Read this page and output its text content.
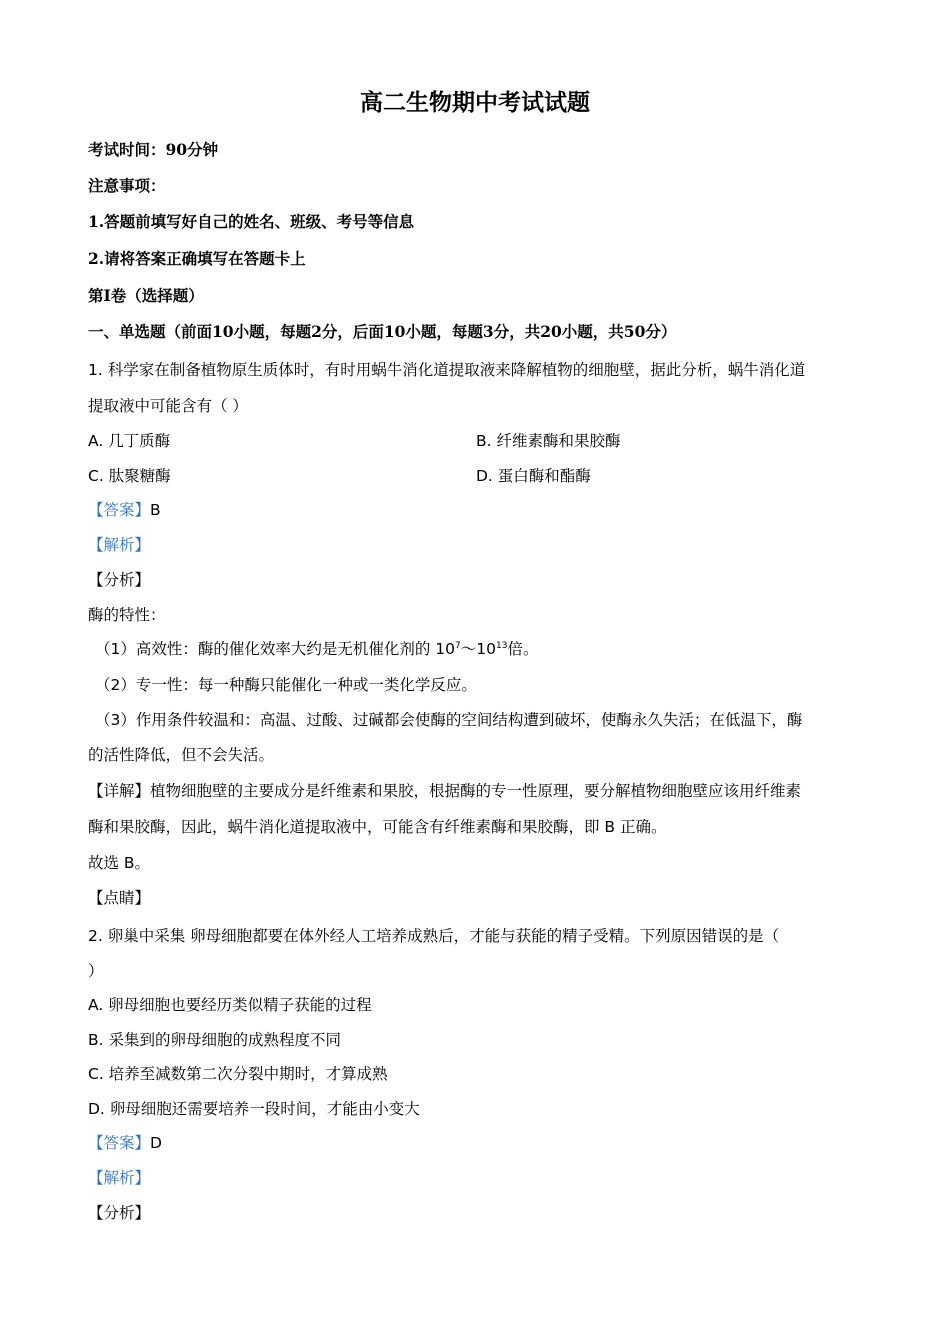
高二生物期中考试试题
考试时间：90分钟
注意事项：
1.答题前填写好自己的姓名、班级、考号等信息
2.请将答案正确填写在答题卡上
第I卷（选择题）
一、单选题（前面10小题，每题2分，后面10小题，每题3分，共20小题，共50分）
1. 科学家在制备植物原生质体时，有时用蜗牛消化道提取液来降解植物的细胞壁，据此分析，蜗牛消化道
提取液中可能含有（ ）
A. 几丁质酶	B. 纤维素酶和果胶酶
C. 肽聚糖酶	D. 蛋白酶和酯酶
【答案】B
【解析】
【分析】
酶的特性：
（1）高效性：酶的催化效率大约是无机催化剂的 $10^7\sim 10^{13}$倍。
（2）专一性：每一种酶只能催化一种或一类化学反应。
（3）作用条件较温和：高温、过酸、过碱都会使酶的空间结构遭到破坏，使酶永久失活；在低温下，酶
的活性降低，但不会失活。
【详解】植物细胞壁的主要成分是纤维素和果胶，根据酶的专一性原理，要分解植物细胞壁应该用纤维素
酶和果胶酶，因此，蜗牛消化道提取液中，可能含有纤维素酶和果胶酶，即 B 正确。
故选 B。
【点睛】
2. 卵巢中采集 卵母细胞都要在体外经人工培养成熟后，才能与获能的精子受精。下列原因错误的是（
）
A. 卵母细胞也要经历类似精子获能的过程
B. 采集到的卵母细胞的成熟程度不同
C. 培养至减数第二次分裂中期时，才算成熟
D. 卵母细胞还需要培养一段时间，才能由小变大
【答案】D
【解析】
【分析】
